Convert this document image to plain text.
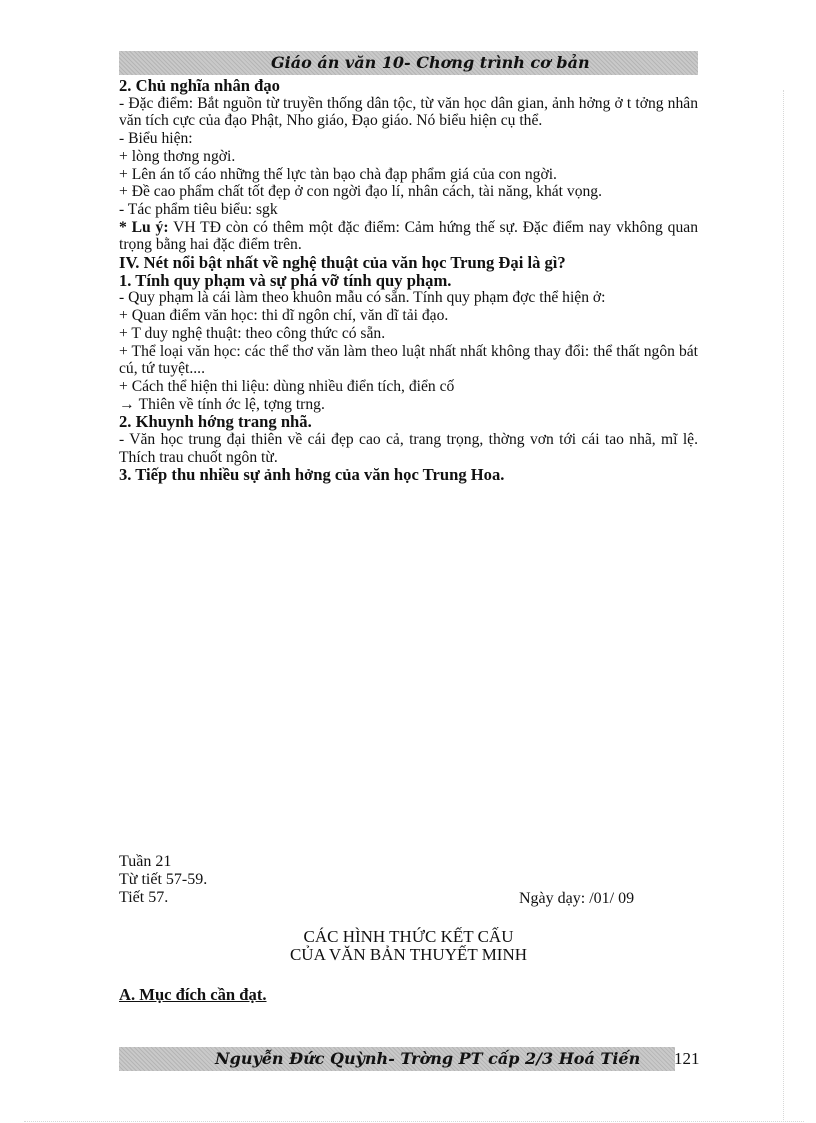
Giáo án văn 10- Chơng trình cơ bản

2. Chủ nghĩa nhân đạo

- Đặc điểm: Bắt nguồn từ truyền thống dân tộc, từ văn học dân gian, ảnh hởng ở t tởng nhân văn tích cực của đạo Phật, Nho giáo, Đạo giáo. Nó biểu hiện cụ thể.

- Biểu hiện:

+ lòng thơng ngời.

+ Lên án tố cáo những thế lực tàn bạo chà đạp phẩm giá của con ngời.

+ Đề cao phẩm chất tốt đẹp ở con ngời đạo lí, nhân cách, tài năng, khát vọng.

- Tác phẩm tiêu biểu: sgk

* Lu ý: VH TĐ còn có thêm một đặc điểm: Cảm hứng thế sự. Đặc điểm nay vkhông quan trọng bằng hai đặc điểm trên.

IV. Nét nổi bật nhất về nghệ thuật của văn học Trung Đại là gì?

1. Tính quy phạm và sự phá vỡ tính quy phạm.

- Quy phạm là cái làm theo khuôn mẫu có sẵn. Tính quy phạm đợc thể hiện ở:

+ Quan điểm văn học: thi dĩ ngôn chí, văn dĩ tải đạo.

+ T duy nghệ thuật: theo công thức có sẵn.

+ Thể loại văn học: các thể thơ văn làm theo luật nhất nhất không thay đổi: thể thất ngôn bát cú, tứ tuyệt....

+ Cách thể hiện thi liệu: dùng nhiều điển tích, điển cố

→ Thiên về tính ớc lệ, tợng trng.

2. Khuynh hớng trang nhã.

- Văn học trung đại thiên về cái đẹp cao cả, trang trọng, thờng vơn tới cái tao nhã, mĩ lệ. Thích trau chuốt ngôn từ.

3. Tiếp thu nhiều sự ảnh hởng của văn học Trung Hoa.

Tuần 21

Từ tiết 57-59.

Tiết 57.	Ngày dạy: /01/ 09

CÁC HÌNH THỨC KẾT CẤU

CỦA VĂN BẢN THUYẾT MINH

A. Mục đích cần đạt.
Nguyễn Đức Quỳnh- Trờng PT cấp 2/3 Hoá Tiến 121
